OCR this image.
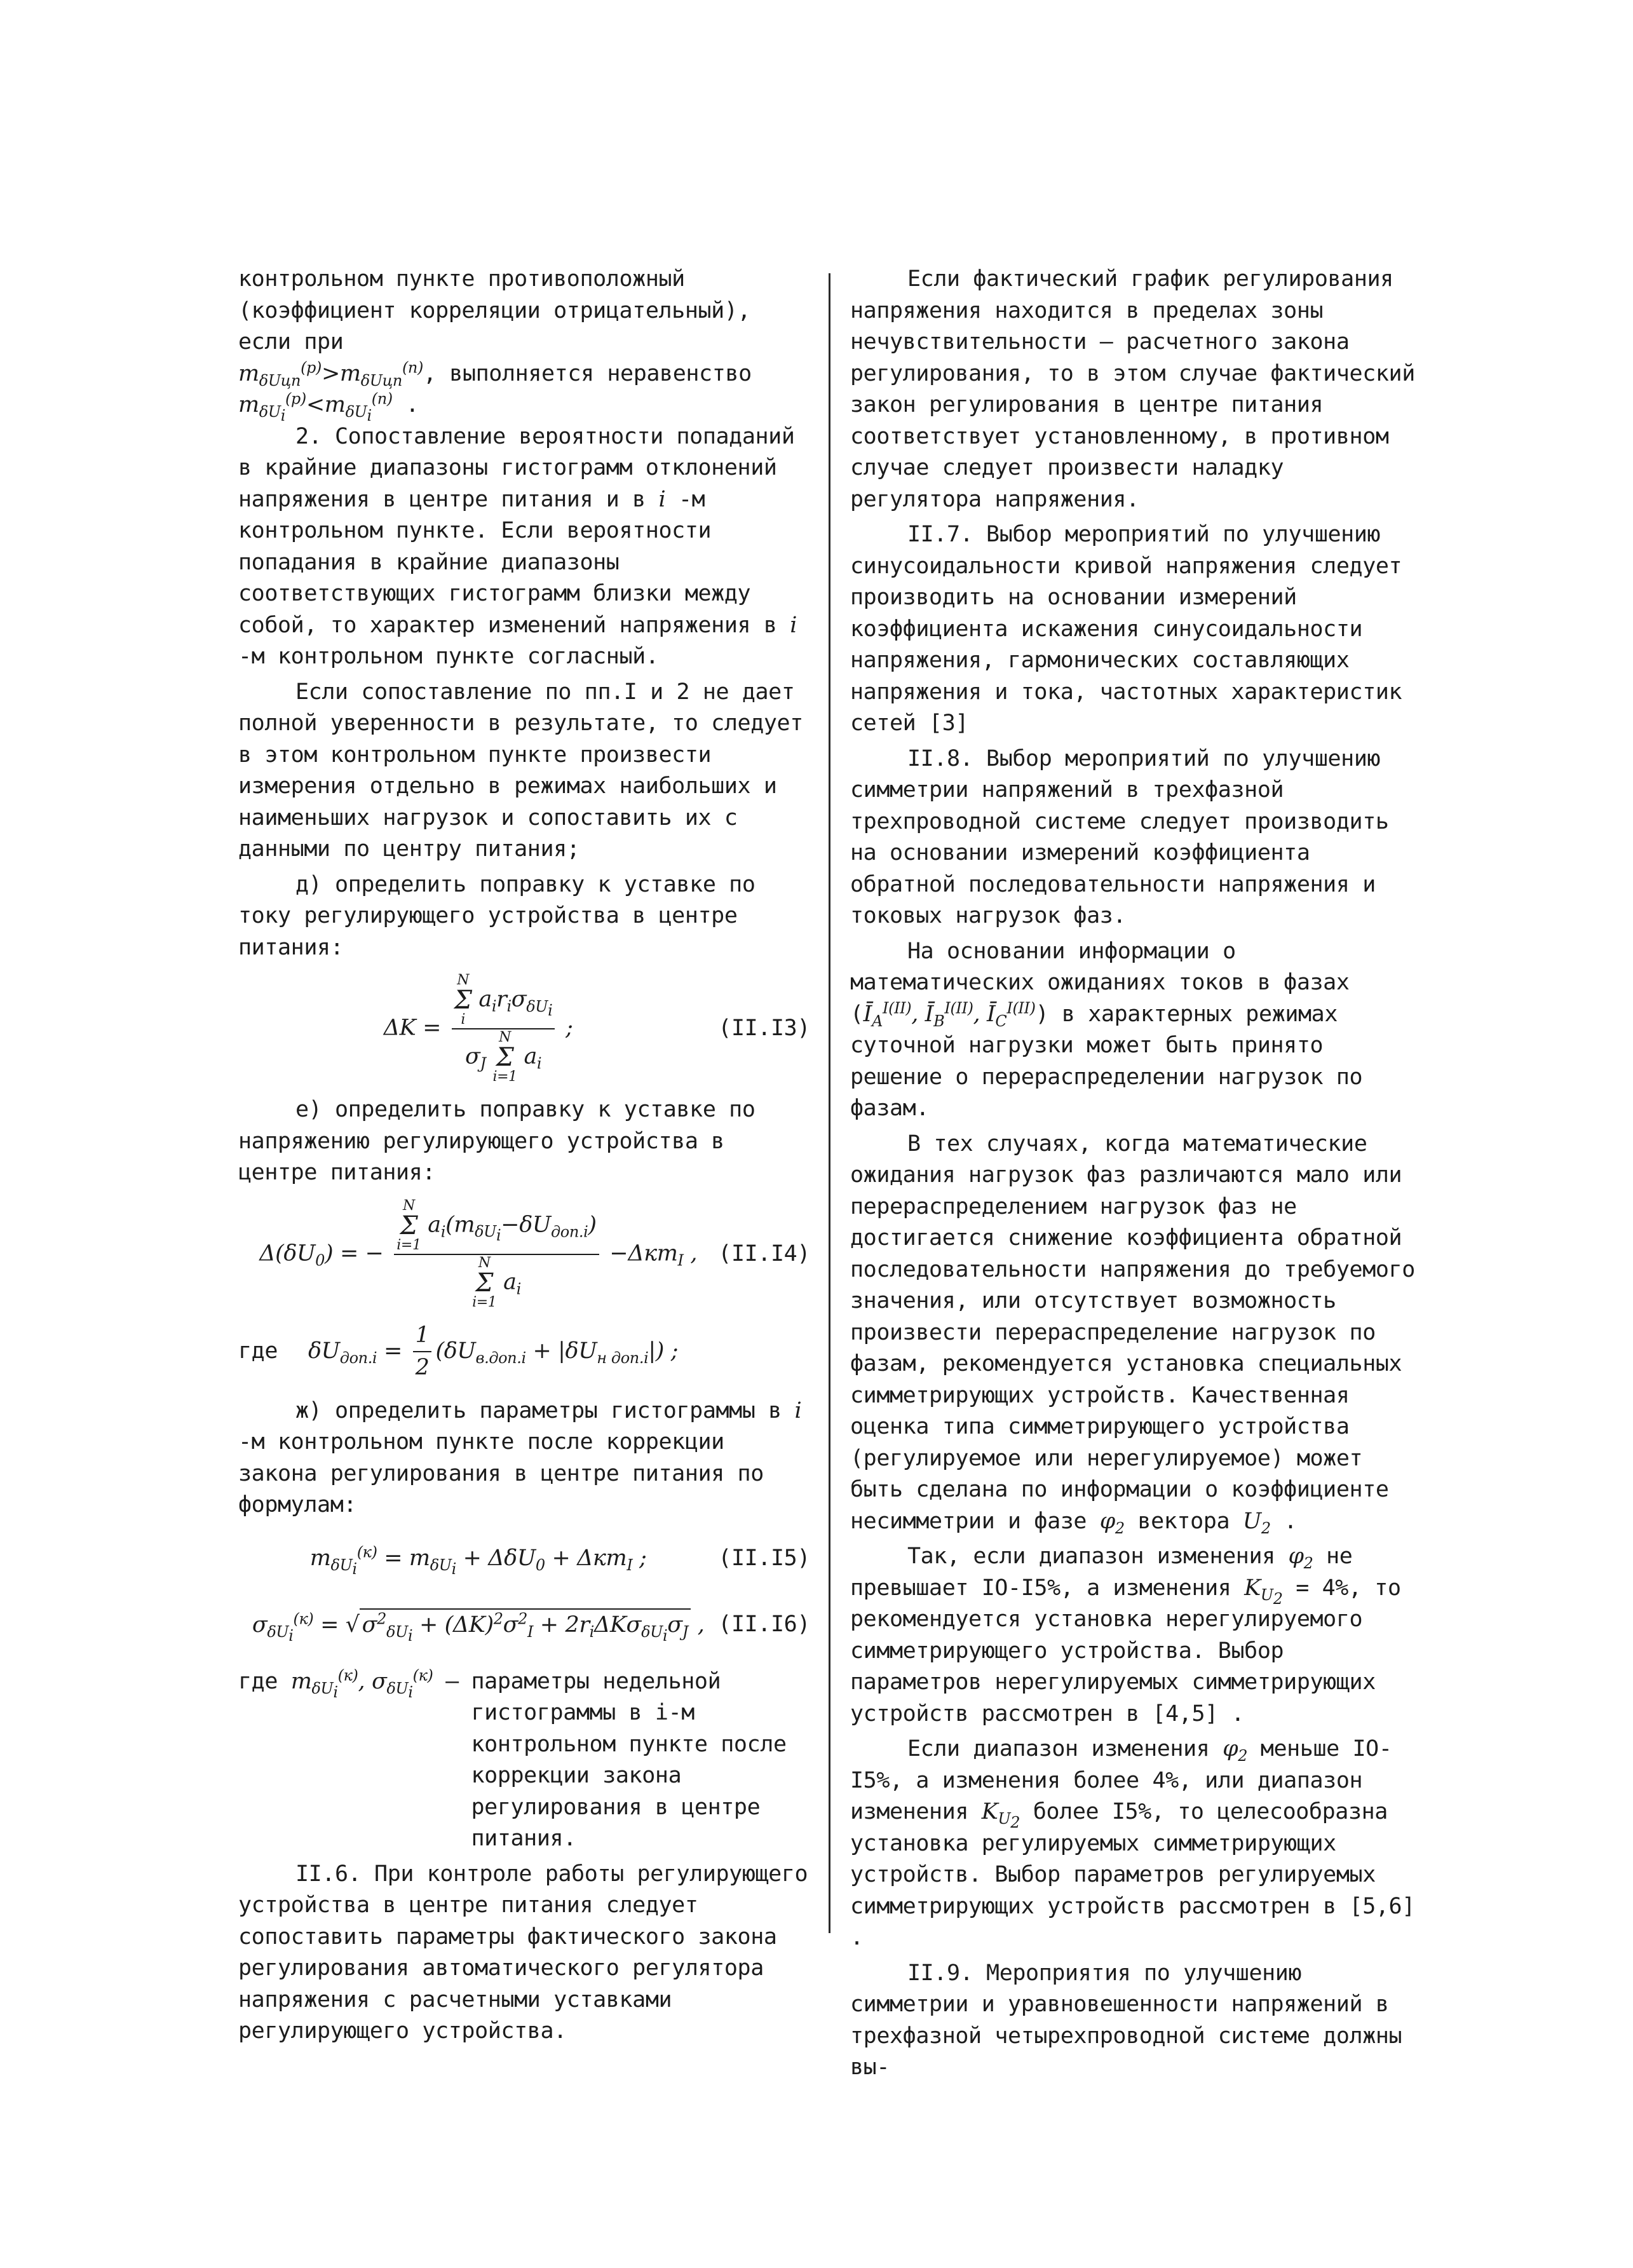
контрольном пункте противоположный (коэффициент корреляции отрицательный), если при

$m_{\delta Uцп}^{(р)}>m_{\delta Uцп}^{(п)}$, выполняется неравенство

$m_{\delta U_i}^{(р)}<m_{\delta U_i}^{(п)}$ .

2. Сопоставление вероятности попаданий в крайние диапазоны гистограмм отклонений напряжения в центре питания и в i -м контрольном пункте. Если вероятности попадания в крайние диапазоны соответствующих гистограмм близки между собой, то характер изменений напряжения в i -м контрольном пункте согласный.

Если сопоставление по пп.I и 2 не дает полной уверенности в результате, то следует в этом контрольном пункте произвести измерения отдельно в режимах наибольших и наименьших нагрузок и сопоставить их с данными по центру питания;

д) определить поправку к уставке по току регулирующего устройства в центре питания:

ΔK = N
Σ
i
$a_ir_i\sigma_{\delta U_i}$
$\sigma_J$
N
Σ
i=1
$a_i$ ;	(II.I3)

е) определить поправку к уставке по напряжению регулирующего устройства в центре питания:

$\Delta(\delta U_0)$ = − N
Σ
i=1
$a_i(m_{\delta U_i}-\delta U_{доп.i})$
N
Σ
i=1
$a_i -\Delta кm_I$ , (II.I4)
где	$\delta U_{доп.i} = \frac{1}{2} (\delta U_{в.доп.i} + |\delta U_{н доп.i}|)$ ;

ж) определить параметры гистограммы в i -м контрольном пункте после коррекции закона регулирования в центре питания по формулам:

$m_{\delta U_i}^{(к)} = m_{\delta U_i} + \Delta\delta U_0 + \Delta кm_I$ ;	(II.I5)
$\sigma_{\delta U_i}^{(к)}$ = √ $\sigma^2_{\delta U_i} + (\Delta K)^2\sigma^2_I + 2r_i\Delta K\sigma_{\delta U_i}\sigma_J$ , (II.I6)
где $m_{\delta U_i}^{(к)}$, $\sigma_{\delta U_i}^{(к)}$ – параметры недельной гистограммы в i-м контрольном пункте после коррекции закона регулирования в центре питания.

II.6. При контроле работы регулирующего устройства в центре питания следует сопоставить параметры фактического закона регулирования автоматического регулятора напряжения с расчетными уставками регулирующего устройства.

Если фактический график регулирования напряжения находится в пределах зоны нечувствительности – расчетного закона регулирования, то в этом случае фактический закон регулирования в центре питания соответствует установленному, в противном случае следует произвести наладку регулятора напряжения.

II.7. Выбор мероприятий по улучшению синусоидальности кривой напряжения следует производить на основании измерений коэффициента искажения синусоидальности напряжения, гармонических составляющих напряжения и тока, частотных характеристик сетей [3]

II.8. Выбор мероприятий по улучшению симметрии напряжений в трехфазной трехпроводной системе следует производить на основании измерений коэффициента обратной последовательности напряжения и токовых нагрузок фаз.

На основании информации о математических ожиданиях токов в фазах ($Ī_A^{I(II)}$, $Ī_B^{I(II)}$, $Ī_C^{I(II)}$) в характерных режимах суточной нагрузки может быть принято решение о перераспределении нагрузок по фазам.

В тех случаях, когда математические ожидания нагрузок фаз различаются мало или перераспределением нагрузок фаз не достигается снижение коэффициента обратной последовательности напряжения до требуемого значения, или отсутствует возможность произвести перераспределение нагрузок по фазам, рекомендуется установка специальных симметрирующих устройств. Качественная оценка типа симметрирующего устройства (регулируемое или нерегулируемое) может быть сделана по информации о коэффициенте несимметрии и фазе $\varphi_2$ вектора $U_2$ .

Так, если диапазон изменения $\varphi_2$ не превышает IO-I5%, а изменения $K_{U_2} = 4\%$, то рекомендуется установка нерегулируемого симметрирующего устройства. Выбор параметров нерегулируемых симметрирующих устройств рассмотрен в [4,5] .

Если диапазон изменения $\varphi_2$ меньше IO-I5%, а изменения более 4%, или диапазон изменения $K_{U_2}$ более I5%, то целесообразна установка регулируемых симметрирующих устройств. Выбор параметров регулируемых симметрирующих устройств рассмотрен в [5,6] .

II.9. Мероприятия по улучшению симметрии и уравновешенности напряжений в трехфазной четырехпроводной системе должны вы-
